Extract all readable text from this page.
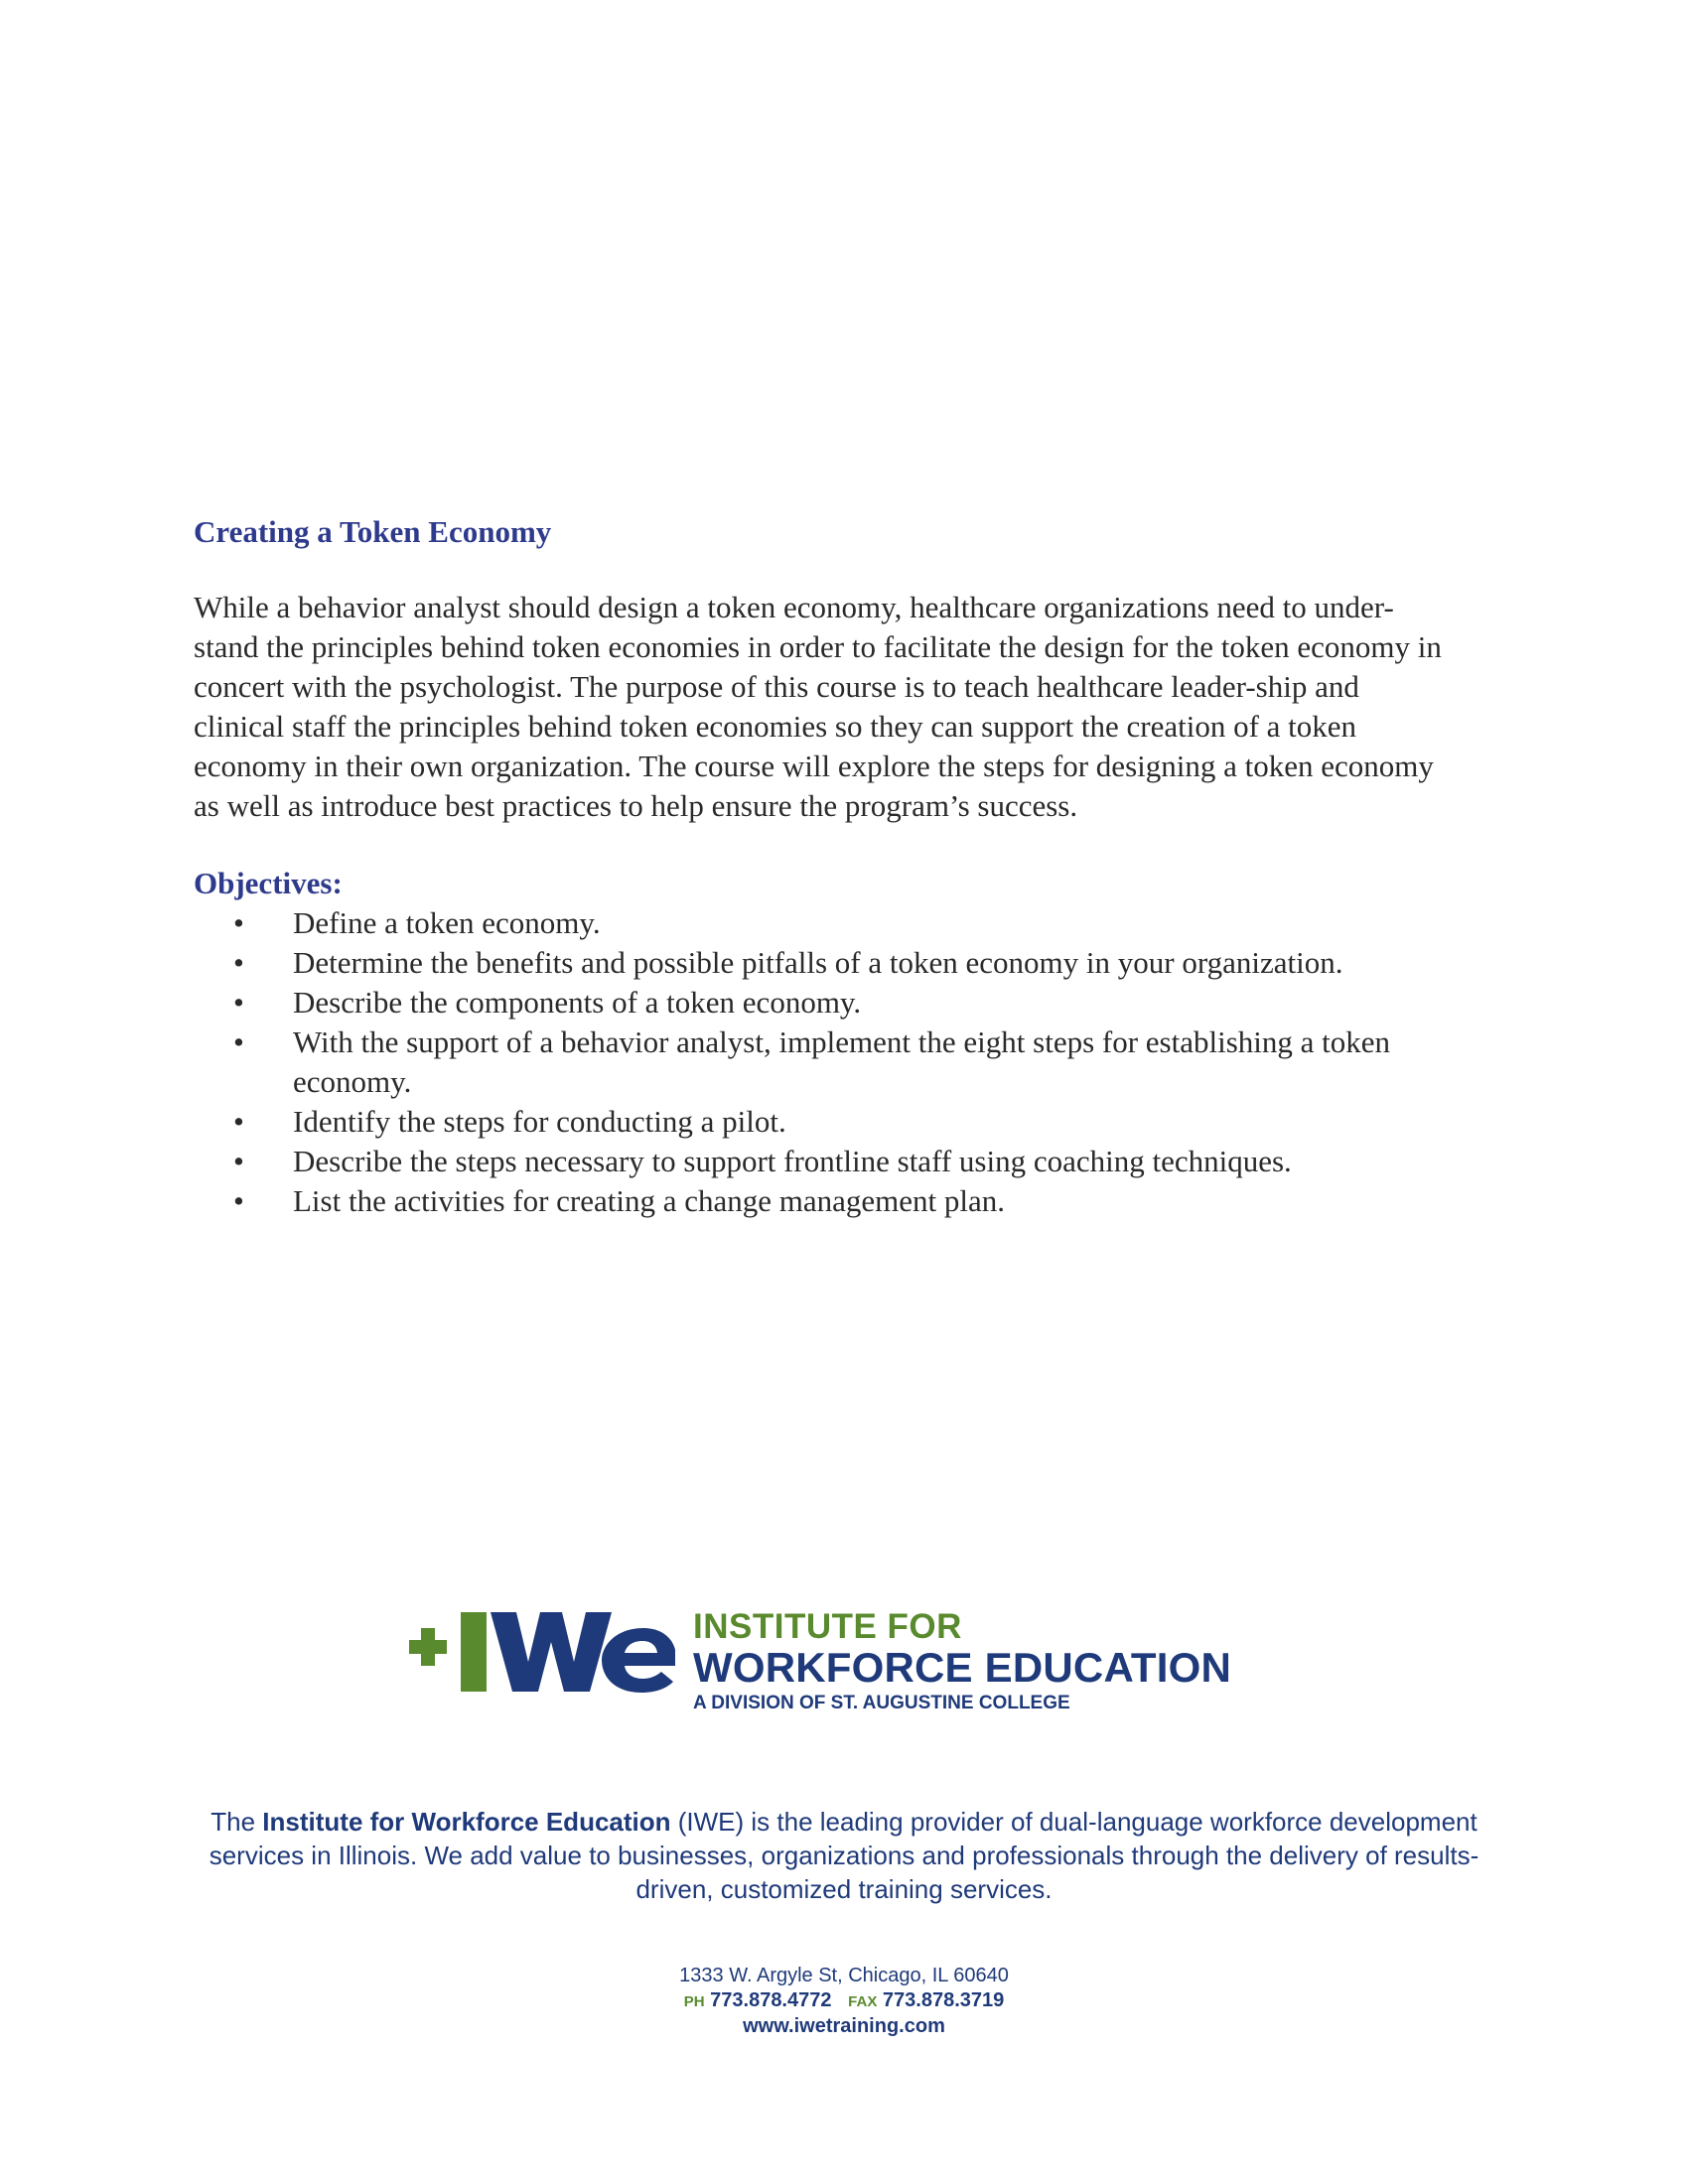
Creating a Token Economy

While a behavior analyst should design a token economy, healthcare organizations need to under-stand the principles behind token economies in order to facilitate the design for the token economy in concert with the psychologist. The purpose of this course is to teach healthcare leader-ship and clinical staff the principles behind token economies so they can support the creation of a token economy in their own organization. The course will explore the steps for designing a token economy as well as introduce best practices to help ensure the program’s success.

Objectives:
• Define a token economy.
• Determine the benefits and possible pitfalls of a token economy in your organization.
• Describe the components of a token economy.
• With the support of a behavior analyst, implement the eight steps for establishing a token economy.
• Identify the steps for conducting a pilot.
• Describe the steps necessary to support frontline staff using coaching techniques.
• List the activities for creating a change management plan.
INSTITUTE FOR
WORKFORCE EDUCATION
A DIVISION OF ST. AUGUSTINE COLLEGE
The Institute for Workforce Education (IWE) is the leading provider of dual-language workforce development services in Illinois. We add value to businesses, organizations and professionals through the delivery of results-driven, customized training services.
1333 W. Argyle St, Chicago, IL 60640
PH 773.878.4772 FAX 773.878.3719
www.iwetraining.com
